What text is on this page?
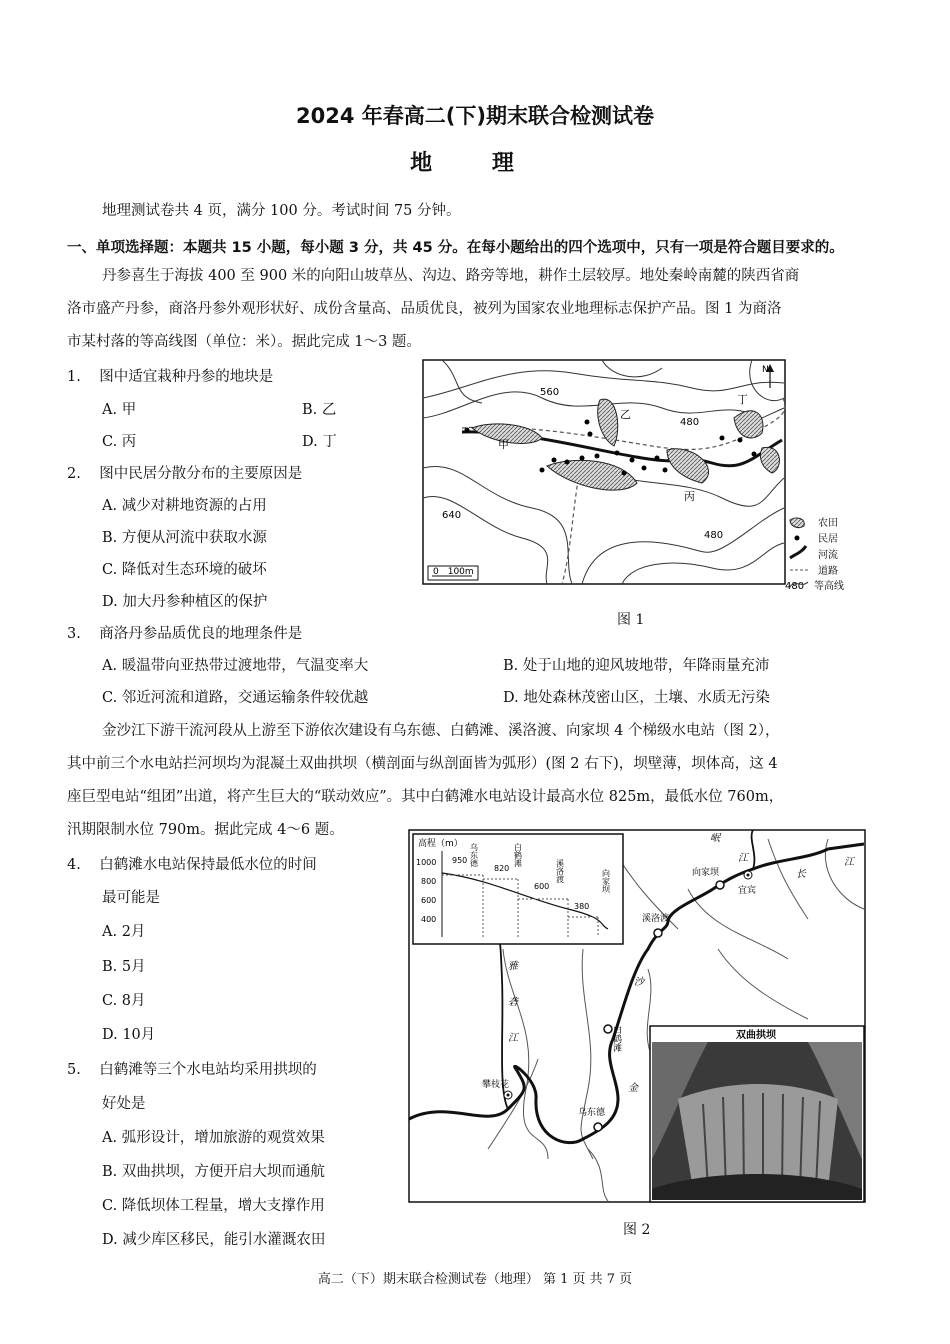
2024 年春高二(下)期末联合检测试卷
地 理
地理测试卷共 4 页，满分 100 分。考试时间 75 分钟。
一、单项选择题：本题共 15 小题，每小题 3 分，共 45 分。在每小题给出的四个选项中，只有一项是符合题目要求的。
丹参喜生于海拔 400 至 900 米的向阳山坡草丛、沟边、路旁等地，耕作土层较厚。地处秦岭南麓的陕西省商
洛市盛产丹参，商洛丹参外观形状好、成份含量高、品质优良，被列为国家农业地理标志保护产品。图 1 为商洛
市某村落的等高线图（单位：米）。据此完成 1～3 题。
1.    图中适宜栽种丹参的地块是
A. 甲	B. 乙
C. 丙	D. 丁
2.    图中民居分散分布的主要原因是
A. 减少对耕地资源的占用
B. 方便从河流中获取水源
C. 降低对生态环境的破坏
D. 加大丹参种植区的保护
560
480
640
480
480
甲
乙
丙
丁
N
0 100m
农田
民居
河流
道路
等高线
图 1
3.    商洛丹参品质优良的地理条件是
A. 暖温带向亚热带过渡地带，气温变率大	B. 处于山地的迎风坡地带，年降雨量充沛
C. 邻近河流和道路，交通运输条件较优越	D. 地处森林茂密山区，土壤、水质无污染
金沙江下游干流河段从上游至下游依次建设有乌东德、白鹤滩、溪洛渡、向家坝 4 个梯级水电站（图 2），
其中前三个水电站拦河坝均为混凝土双曲拱坝（横剖面与纵剖面皆为弧形）(图 2 右下)，坝壁薄，坝体高，这 4
座巨型电站“组团”出道，将产生巨大的“联动效应”。其中白鹤滩水电站设计最高水位 825m，最低水位 760m，
汛期限制水位 790m。据此完成 4～6 题。
4.    白鹤滩水电站保持最低水位的时间
最可能是
A. 2月
B. 5月
C. 8月
D. 10月
5.    白鹤滩等三个水电站均采用拱坝的
好处是
A. 弧形设计，增加旅游的观赏效果
B. 双曲拱坝，方便开启大坝而通航
C. 降低坝体工程量，增大支撑作用
D. 减少库区移民，能引水灌溉农田
高程（m）
1000
800
600
400
950
820
600
380
乌东德	白鹤滩
溪洛渡	向家坝
岷
江
长
江
雅
砻
江
沙
金
向家坝
溪洛渡
白鹤滩
乌东德
宜宾
攀枝花
双曲拱坝
图 2
高二（下）期末联合检测试卷（地理） 第 1 页 共 7 页
